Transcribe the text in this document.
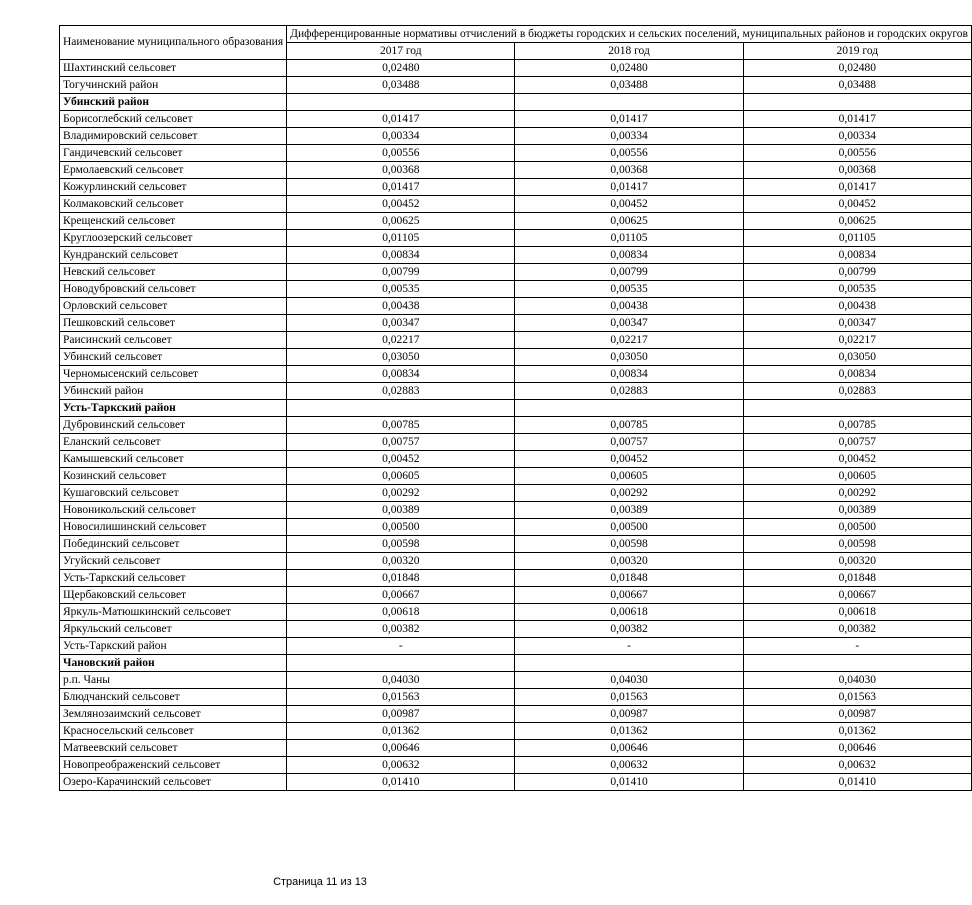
Наименование муниципального образования	Дифференцированные нормативы отчислений в бюджеты городских и сельских поселений, муниципальных районов и городских округов		
	2017 год	2018 год	2019 год
Шахтинский сельсовет	0,02480	0,02480	0,02480
Тогучинский район	0,03488	0,03488	0,03488
Убинский район			
Борисоглебский сельсовет	0,01417	0,01417	0,01417
Владимировский сельсовет	0,00334	0,00334	0,00334
Гандичевский сельсовет	0,00556	0,00556	0,00556
Ермолаевский сельсовет	0,00368	0,00368	0,00368
Кожурлинский сельсовет	0,01417	0,01417	0,01417
Колмаковский сельсовет	0,00452	0,00452	0,00452
Крещенский сельсовет	0,00625	0,00625	0,00625
Круглоозерский сельсовет	0,01105	0,01105	0,01105
Кундранский сельсовет	0,00834	0,00834	0,00834
Невский сельсовет	0,00799	0,00799	0,00799
Новодубровский сельсовет	0,00535	0,00535	0,00535
Орловский сельсовет	0,00438	0,00438	0,00438
Пешковский сельсовет	0,00347	0,00347	0,00347
Раисинский сельсовет	0,02217	0,02217	0,02217
Убинский сельсовет	0,03050	0,03050	0,03050
Черномысенский сельсовет	0,00834	0,00834	0,00834
Убинский район	0,02883	0,02883	0,02883
Усть-Таркский район			
Дубровинский сельсовет	0,00785	0,00785	0,00785
Еланский сельсовет	0,00757	0,00757	0,00757
Камышевский сельсовет	0,00452	0,00452	0,00452
Козинский сельсовет	0,00605	0,00605	0,00605
Кушаговский сельсовет	0,00292	0,00292	0,00292
Новоникольский сельсовет	0,00389	0,00389	0,00389
Новосилишинский сельсовет	0,00500	0,00500	0,00500
Побединский сельсовет	0,00598	0,00598	0,00598
Угуйский сельсовет	0,00320	0,00320	0,00320
Усть-Таркский сельсовет	0,01848	0,01848	0,01848
Щербаковский сельсовет	0,00667	0,00667	0,00667
Яркуль-Матюшкинский сельсовет	0,00618	0,00618	0,00618
Яркульский сельсовет	0,00382	0,00382	0,00382
Усть-Таркский район	-	-	-
Чановский район			
р.п. Чаны	0,04030	0,04030	0,04030
Блюдчанский сельсовет	0,01563	0,01563	0,01563
Землянозаимский сельсовет	0,00987	0,00987	0,00987
Красносельский сельсовет	0,01362	0,01362	0,01362
Матвеевский сельсовет	0,00646	0,00646	0,00646
Новопреображенский сельсовет	0,00632	0,00632	0,00632
Озеро-Карачинский сельсовет	0,01410	0,01410	0,01410
Страница 11 из 13
